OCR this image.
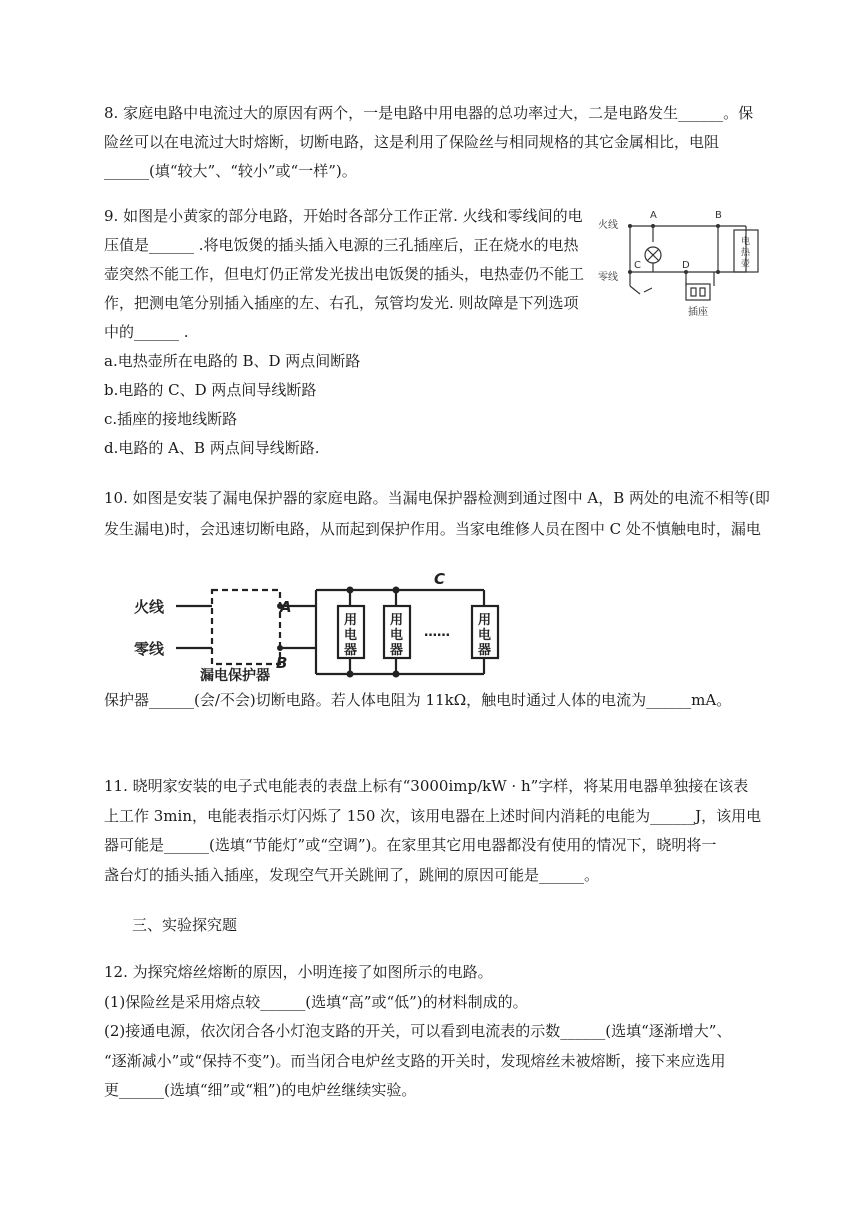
8. 家庭电路中电流过大的原因有两个，一是电路中用电器的总功率过大，二是电路发生______。保
险丝可以在电流过大时熔断，切断电路，这是利用了保险丝与相同规格的其它金属相比，电阻
______(填“较大”、“较小”或“一样”)。
9. 如图是小黄家的部分电路，开始时各部分工作正常. 火线和零线间的电
压值是______ .将电饭煲的插头插入电源的三孔插座后，正在烧水的电热
壶突然不能工作，但电灯仍正常发光拔出电饭煲的插头，电热壶仍不能工
作，把测电笔分别插入插座的左、右孔，氖管均发光. 则故障是下列选项
中的______ .
a.电热壶所在电路的 B、D 两点间断路
b.电路的 C、D 两点间导线断路
c.插座的接地线断路
d.电路的 A、B 两点间导线断路.
火线
零线
A	B
C	D
电
热
壶
插座
10. 如图是安装了漏电保护器的家庭电路。当漏电保护器检测到通过图中 A，B 两处的电流不相等(即
发生漏电)时，会迅速切断电路，从而起到保护作用。当家电维修人员在图中 C 处不慎触电时，漏电
火线
零线
漏电保护器
A
B
C
用
电
器
用
电
器
用
电
器
……
保护器______(会/不会)切断电路。若人体电阻为 11kΩ，触电时通过人体的电流为______mA。
11. 晓明家安装的电子式电能表的表盘上标有“3000imp/kW · h”字样，将某用电器单独接在该表
上工作 3min，电能表指示灯闪烁了 150 次，该用电器在上述时间内消耗的电能为______J，该用电
器可能是______(选填“节能灯”或“空调”)。在家里其它用电器都没有使用的情况下，晓明将一
盏台灯的插头插入插座，发现空气开关跳闸了，跳闸的原因可能是______。
三、实验探究题
12. 为探究熔丝熔断的原因，小明连接了如图所示的电路。
(1)保险丝是采用熔点较______(选填“高”或“低”)的材料制成的。
(2)接通电源，依次闭合各小灯泡支路的开关，可以看到电流表的示数______(选填“逐渐增大”、
“逐渐减小”或“保持不变”)。而当闭合电炉丝支路的开关时，发现熔丝未被熔断，接下来应选用
更______(选填“细”或“粗”)的电炉丝继续实验。
